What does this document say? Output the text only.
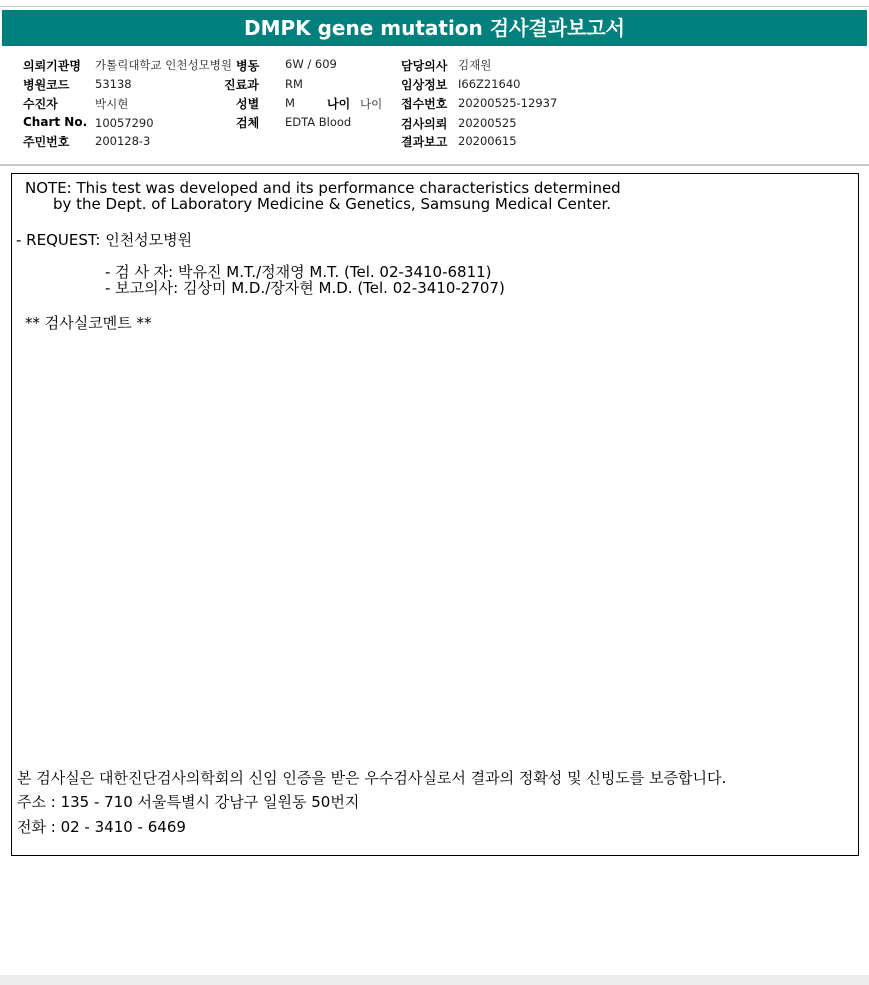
DMPK gene mutation 검사결과보고서
의뢰기관명 가톨릭대학교 인천성모병원
병원코드 53138
수진자	박시현
Chart No. 10057290
주민번호 200128-3
병동 6W / 609
진료과 RM
성별 M	나이 나이
검체 EDTA Blood
담당의사 김재원
임상정보 I66Z21640
접수번호 20200525-12937
검사의뢰 20200525
결과보고 20200615
NOTE: This test was developed and its performance characteristics determined
by the Dept. of Laboratory Medicine & Genetics, Samsung Medical Center.
- REQUEST: 인천성모병원
- 검 사 자: 박유진 M.T./정재영 M.T. (Tel. 02-3410-6811)
- 보고의사: 김상미 M.D./장자현 M.D. (Tel. 02-3410-2707)
** 검사실코멘트 **
본 검사실은 대한진단검사의학회의 신임 인증을 받은 우수검사실로서 결과의 정확성 및 신빙도를 보증합니다.
주소 : 135 - 710 서울특별시 강남구 일원동 50번지
전화 : 02 - 3410 - 6469
